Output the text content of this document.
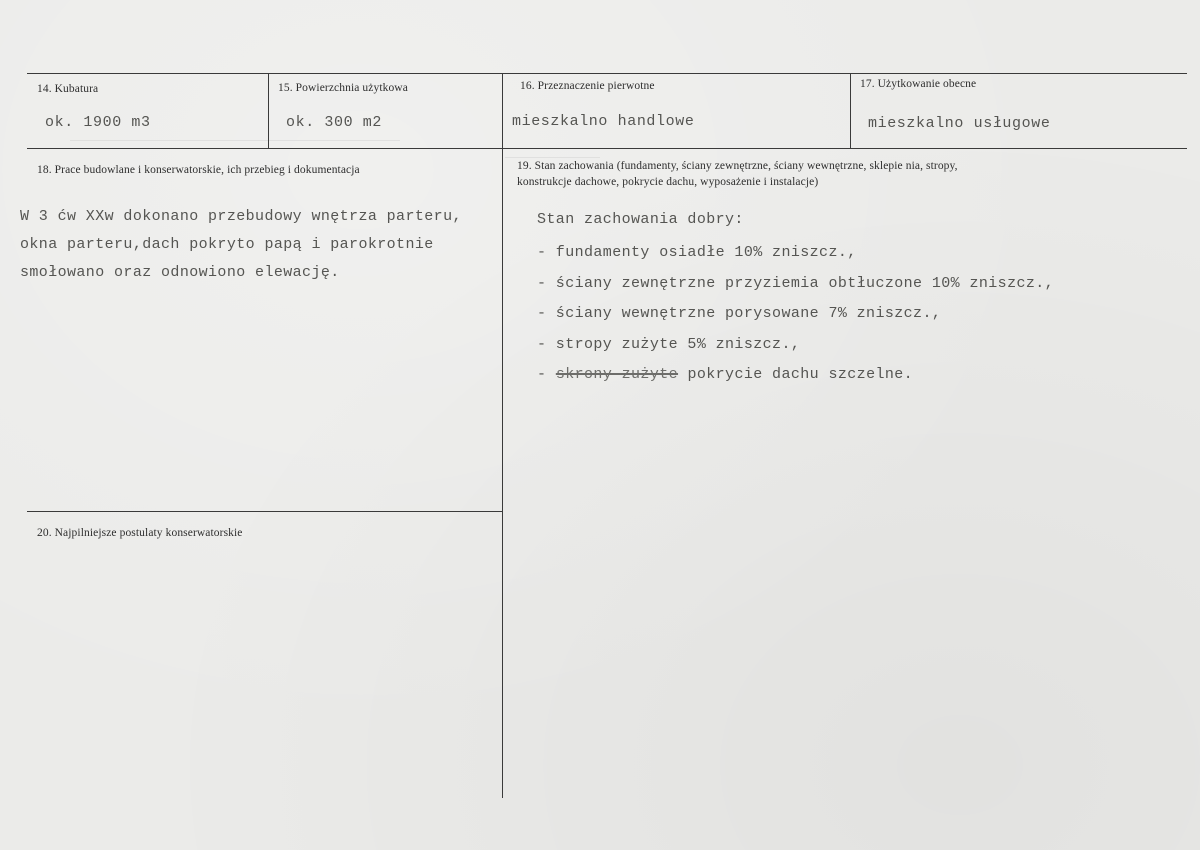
14. Kubatura
ok. 1900 m3
15. Powierzchnia użytkowa
ok. 300 m2
16. Przeznaczenie pierwotne
mieszkalno handlowe
17. Użytkowanie obecne
mieszkalno usługowe
18. Prace budowlane i konserwatorskie, ich przebieg i dokumentacja
W 3 ćw XXw dokonano przebudowy wnętrza parteru,
okna parteru,dach pokryto papą i parokrotnie
smołowano oraz odnowiono elewację.
19. Stan zachowania (fundamenty, ściany zewnętrzne, ściany wewnętrzne, sklepie nia, stropy,
konstrukcje dachowe, pokrycie dachu, wyposażenie i instalacje)
Stan zachowania dobry:
- fundamenty osiadłe 10% zniszcz.,
- ściany zewnętrzne przyziemia obtłuczone 10% zniszcz.,
- ściany wewnętrzne porysowane 7% zniszcz.,
- stropy zużyte 5% zniszcz.,
- skrony zużyte pokrycie dachu szczelne.
20. Najpilniejsze postulaty konserwatorskie
